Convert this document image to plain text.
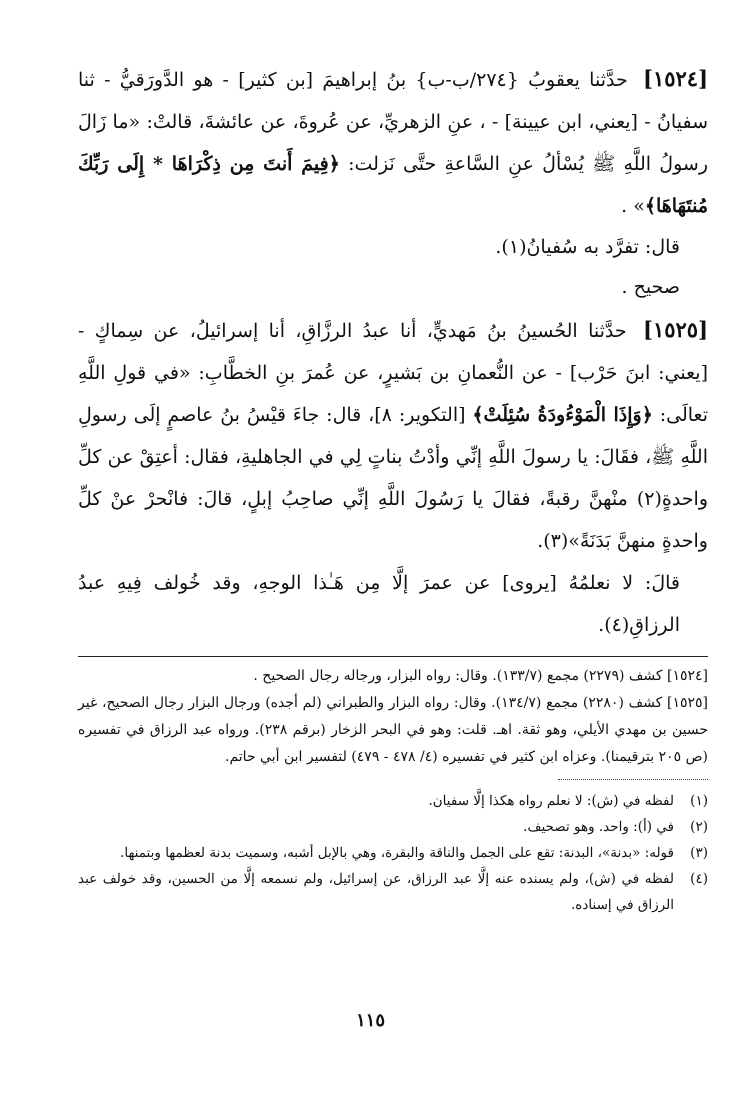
[١٥٢٤] حدَّثنا يعقوبُ {٢٧٤/ب-ب} بنُ إبراهيمَ [بن كثير] - هو الدَّورَقيُّ - ثنا سفيانُ - [يعني، ابن عيينة] - ، عنِ الزهريِّ، عن عُروةَ، عن عائشةَ، قالتْ: «ما زَالَ رسولُ اللَّهِ ﷺ يُسْألُ عنِ السَّاعةِ حتَّى نَزلت: ﴿فِيمَ أَنتَ مِن ذِكْرَاهَا * إِلَى رَبِّكَ مُنتَهَاهَا﴾» .

قال: تفرَّد به سُفيانُ(١).

صحيح .

[١٥٢٥] حدَّثنا الحُسينُ بنُ مَهديٍّ، أنا عبدُ الرزَّاقِ، أنا إسرائيلُ، عن سِماكٍ - [يعني: ابنَ حَرْب] - عن النُّعمانِ بن بَشيرٍ، عن عُمرَ بنِ الخطَّابِ: «في قولِ اللَّهِ تعالَى: ﴿وَإِذَا الْمَوْءُودَةُ سُئِلَتْ﴾ [التكوير: ٨]، قال: جاءَ قيْسُ بنُ عاصمٍ إلَى رسولِ اللَّهِ ﷺ، فقَالَ: يا رسولَ اللَّهِ إنِّي وأدْتُ بناتٍ لِي في الجاهليةِ، فقال: أعتِقْ عن كلِّ واحدةٍ(٢) منْهنَّ رقبةً، فقالَ يا رَسُولَ اللَّهِ إنِّي صاحِبُ إبلٍ، قالَ: فانْحرْ عنْ كلِّ واحدةٍ منهنَّ بَدَنَةً»(٣).

قالَ: لا نعلمُهُ [يروى] عن عمرَ إلَّا مِن هَـٰذا الوجهِ، وقد خُولف فِيهِ عبدُ الرزاقِ(٤).

[١٥٢٤] كشف (٢٢٧٩) مجمع (١٣٣/٧). وقال: رواه البزار، ورجاله رجال الصحيح .

[١٥٢٥] كشف (٢٢٨٠) مجمع (١٣٤/٧). وقال: رواه البزار والطبراني (لم أجده) ورجال البزار رجال الصحيح، غير حسين بن مهدي الأيلي، وهو ثقة. اهـ. قلت: وهو في البحر الزخار (برقم ٢٣٨). ورواه عبد الرزاق في تفسيره (ص ٢٠٥ بترقيمنا). وعزاه ابن كثير في تفسيره (٤/ ٤٧٨ - ٤٧٩) لتفسير ابن أبي حاتم.

(١)
لفظه في (ش): لا نعلم رواه هكذا إلَّا سفيان.
(٢)
في (أ): واحد. وهو تصحيف.
(٣)
قوله: «بدنة»، البدنة: تقع على الجمل والناقة والبقرة، وهي بالإبل أشبه، وسميت بدنة لعظمها وبتمنها.
(٤)
لفظه في (ش)، ولم يسنده عنه إلَّا عبد الرزاق، عن إسرائيل، ولم نسمعه إلَّا من الحسين، وقد خولف عبد الرزاق في إسناده.
١١٥
